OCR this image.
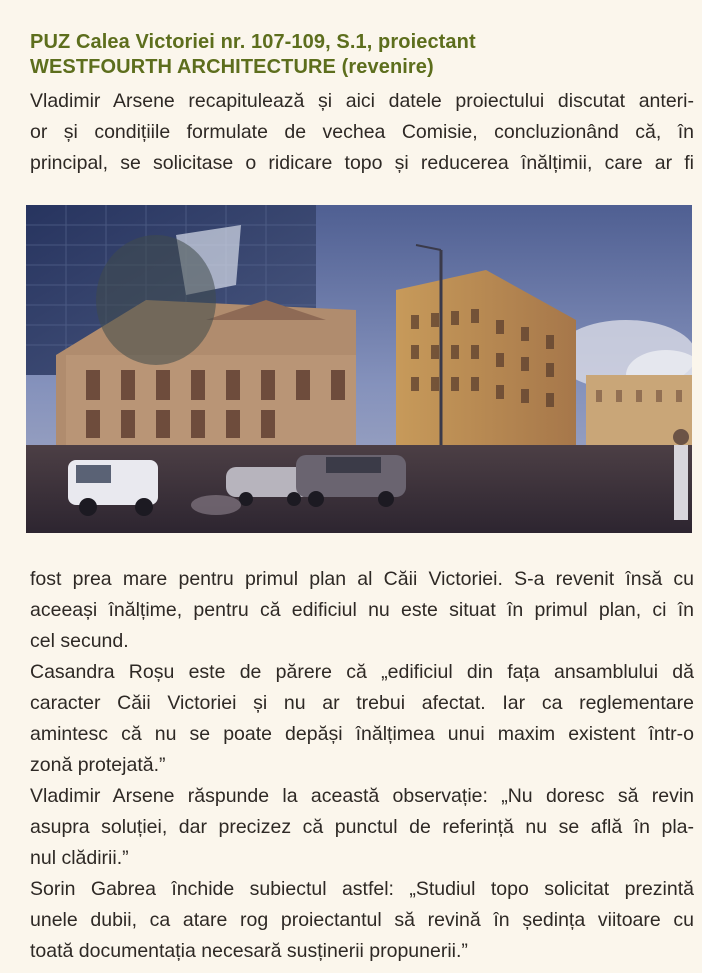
PUZ Calea Victoriei nr. 107-109, S.1, proiectant
WESTFOURTH ARCHITECTURE (revenire)
Vladimir Arsene recapitulează și aici datele proiectului discutat anteri-
or și condițiile formulate de vechea Comisie, concluzionând că, în
principal, se solicitase o ridicare topo și reducerea înălțimii, care ar fi
fost prea mare pentru primul plan al Căii Victoriei. S-a revenit însă cu
aceeași înălțime, pentru că edificiul nu este situat în primul plan, ci în
cel secund.
Casandra Roșu este de părere că „edificiul din fața ansamblului dă
caracter Căii Victoriei și nu ar trebui afectat. Iar ca reglementare
amintesc că nu se poate depăși înălțimea unui maxim existent într-o
zonă protejată.”
Vladimir Arsene răspunde la această observație: „Nu doresc să revin
asupra soluției, dar precizez că punctul de referință nu se află în pla-
nul clădirii.”
Sorin Gabrea închide subiectul astfel: „Studiul topo solicitat prezintă
unele dubii, ca atare rog proiectantul să revină în ședința viitoare cu
toată documentația necesară susținerii propunerii.”
